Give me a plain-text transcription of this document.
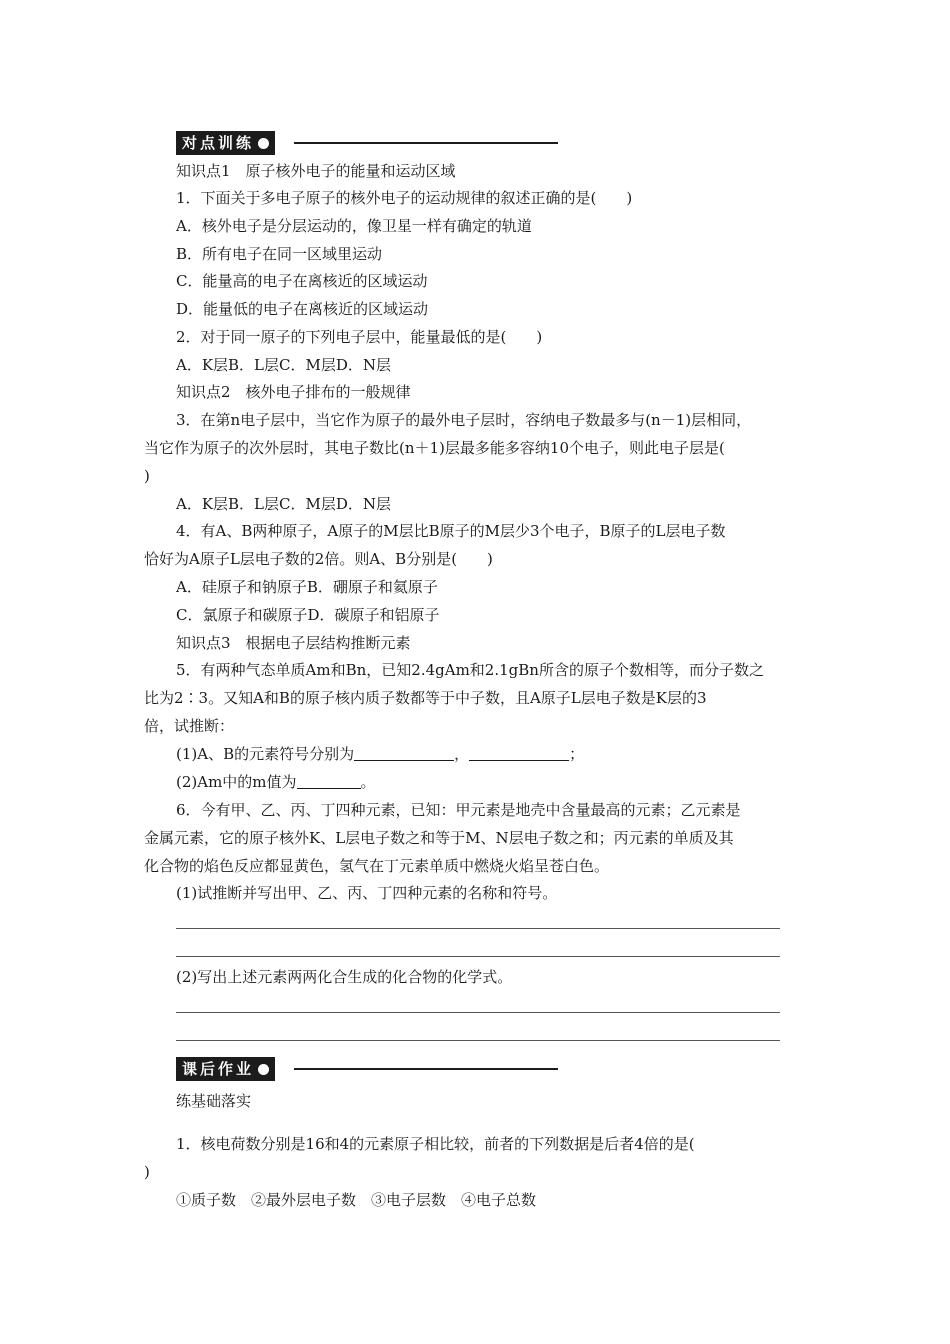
对点训练
知识点1　原子核外电子的能量和运动区域
1．下面关于多电子原子的核外电子的运动规律的叙述正确的是(　　)
A．核外电子是分层运动的，像卫星一样有确定的轨道
B．所有电子在同一区域里运动
C．能量高的电子在离核近的区域运动
D．能量低的电子在离核近的区域运动
2．对于同一原子的下列电子层中，能量最低的是(　　)
A．K层B．L层C．M层D．N层
知识点2　核外电子排布的一般规律
3．在第n电子层中，当它作为原子的最外电子层时，容纳电子数最多与(n－1)层相同，
当它作为原子的次外层时，其电子数比(n＋1)层最多能多容纳10个电子，则此电子层是(
)
A．K层B．L层C．M层D．N层
4．有A、B两种原子，A原子的M层比B原子的M层少3个电子，B原子的L层电子数
恰好为A原子L层电子数的2倍。则A、B分别是(　　)
A．硅原子和钠原子B．硼原子和氦原子
C．氯原子和碳原子D．碳原子和铝原子
知识点3　根据电子层结构推断元素
5．有两种气态单质Am和Bn，已知2.4gAm和2.1gBn所含的原子个数相等，而分子数之
比为2∶3。又知A和B的原子核内质子数都等于中子数，且A原子L层电子数是K层的3
倍，试推断：
(1)A、B的元素符号分别为	，	；
(2)Am中的m值为	。
6．今有甲、乙、丙、丁四种元素，已知：甲元素是地壳中含量最高的元素；乙元素是
金属元素，它的原子核外K、L层电子数之和等于M、N层电子数之和；丙元素的单质及其
化合物的焰色反应都显黄色，氢气在丁元素单质中燃烧火焰呈苍白色。
(1)试推断并写出甲、乙、丙、丁四种元素的名称和符号。
(2)写出上述元素两两化合生成的化合物的化学式。
课后作业
练基础落实
1．核电荷数分别是16和4的元素原子相比较，前者的下列数据是后者4倍的是(
)
①质子数　②最外层电子数　③电子层数　④电子总数
